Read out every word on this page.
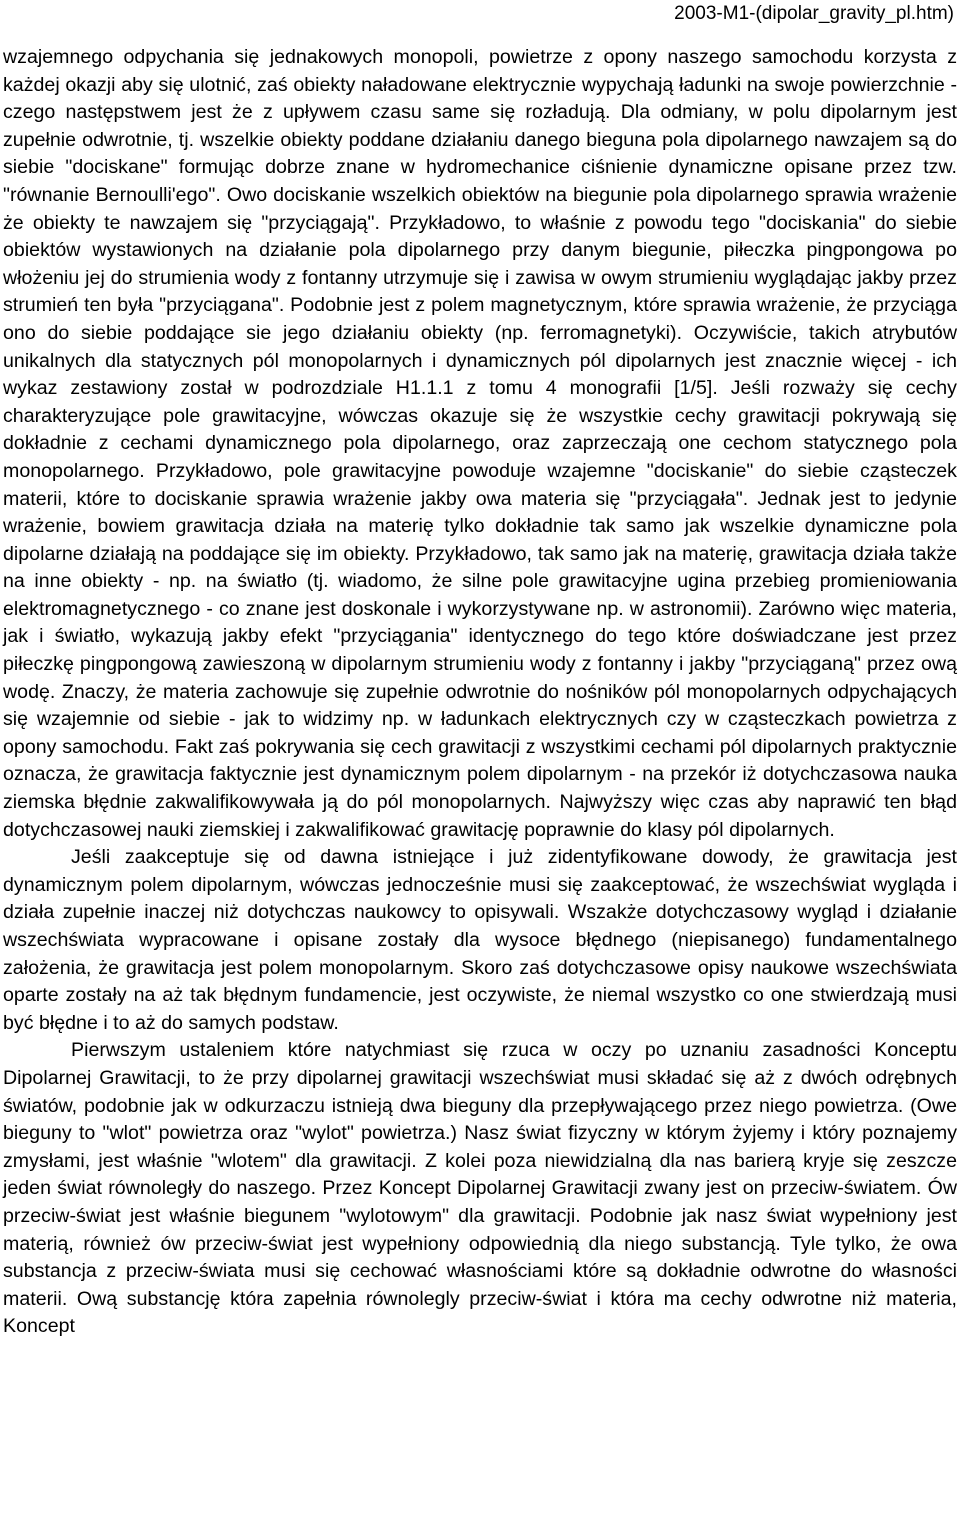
2003-M1-(dipolar_gravity_pl.htm)

wzajemnego odpychania się jednakowych monopoli, powietrze z opony naszego samochodu korzysta z każdej okazji aby się ulotnić, zaś obiekty naładowane elektrycznie wypychają ładunki na swoje powierzchnie - czego następstwem jest że z upływem czasu same się rozładują. Dla odmiany, w polu dipolarnym jest zupełnie odwrotnie, tj. wszelkie obiekty poddane działaniu danego bieguna pola dipolarnego nawzajem są do siebie "dociskane" formując dobrze znane w hydromechanice ciśnienie dynamiczne opisane przez tzw. "równanie Bernoulli'ego". Owo dociskanie wszelkich obiektów na biegunie pola dipolarnego sprawia wrażenie że obiekty te nawzajem się "przyciągają". Przykładowo, to właśnie z powodu tego "dociskania" do siebie obiektów wystawionych na działanie pola dipolarnego przy danym biegunie, piłeczka pingpongowa po włożeniu jej do strumienia wody z fontanny utrzymuje się i zawisa w owym strumieniu wyglądając jakby przez strumień ten była "przyciągana". Podobnie jest z polem magnetycznym, które sprawia wrażenie, że przyciąga ono do siebie poddające sie jego działaniu obiekty (np. ferromagnetyki). Oczywiście, takich atrybutów unikalnych dla statycznych pól monopolarnych i dynamicznych pól dipolarnych jest znacznie więcej - ich wykaz zestawiony został w podrozdziale H1.1.1 z tomu 4 monografii [1/5]. Jeśli rozważy się cechy charakteryzujące pole grawitacyjne, wówczas okazuje się że wszystkie cechy grawitacji pokrywają się dokładnie z cechami dynamicznego pola dipolarnego, oraz zaprzeczają one cechom statycznego pola monopolarnego. Przykładowo, pole grawitacyjne powoduje wzajemne "dociskanie" do siebie cząsteczek materii, które to dociskanie sprawia wrażenie jakby owa materia się "przyciągała". Jednak jest to jedynie wrażenie, bowiem grawitacja działa na materię tylko dokładnie tak samo jak wszelkie dynamiczne pola dipolarne działają na poddające się im obiekty. Przykładowo, tak samo jak na materię, grawitacja działa także na inne obiekty - np. na światło (tj. wiadomo, że silne pole grawitacyjne ugina przebieg promieniowania elektromagnetycznego - co znane jest doskonale i wykorzystywane np. w astronomii). Zarówno więc materia, jak i światło, wykazują jakby efekt "przyciągania" identycznego do tego które doświadczane jest przez piłeczkę pingpongową zawieszoną w dipolarnym strumieniu wody z fontanny i jakby "przyciąganą" przez ową wodę. Znaczy, że materia zachowuje się zupełnie odwrotnie do nośników pól monopolarnych odpychających się wzajemnie od siebie - jak to widzimy np. w ładunkach elektrycznych czy w cząsteczkach powietrza z opony samochodu. Fakt zaś pokrywania się cech grawitacji z wszystkimi cechami pól dipolarnych praktycznie oznacza, że grawitacja faktycznie jest dynamicznym polem dipolarnym - na przekór iż dotychczasowa nauka ziemska błędnie zakwalifikowywała ją do pól monopolarnych. Najwyższy więc czas aby naprawić ten błąd dotychczasowej nauki ziemskiej i zakwalifikować grawitację poprawnie do klasy pól dipolarnych.

Jeśli zaakceptuje się od dawna istniejące i już zidentyfikowane dowody, że grawitacja jest dynamicznym polem dipolarnym, wówczas jednocześnie musi się zaakceptować, że wszechświat wygląda i działa zupełnie inaczej niż dotychczas naukowcy to opisywali. Wszakże dotychczasowy wygląd i działanie wszechświata wypracowane i opisane zostały dla wysoce błędnego (niepisanego) fundamentalnego założenia, że grawitacja jest polem monopolarnym. Skoro zaś dotychczasowe opisy naukowe wszechświata oparte zostały na aż tak błędnym fundamencie, jest oczywiste, że niemal wszystko co one stwierdzają musi być błędne i to aż do samych podstaw.

Pierwszym ustaleniem które natychmiast się rzuca w oczy po uznaniu zasadności Konceptu Dipolarnej Grawitacji, to że przy dipolarnej grawitacji wszechświat musi składać się aż z dwóch odrębnych światów, podobnie jak w odkurzaczu istnieją dwa bieguny dla przepływającego przez niego powietrza. (Owe bieguny to "wlot" powietrza oraz "wylot" powietrza.) Nasz świat fizyczny w którym żyjemy i który poznajemy zmysłami, jest właśnie "wlotem" dla grawitacji. Z kolei poza niewidzialną dla nas barierą kryje się zeszcze jeden świat równoległy do naszego. Przez Koncept Dipolarnej Grawitacji zwany jest on przeciw-światem. Ów przeciw-świat jest właśnie biegunem "wylotowym" dla grawitacji. Podobnie jak nasz świat wypełniony jest materią, również ów przeciw-świat jest wypełniony odpowiednią dla niego substancją. Tyle tylko, że owa substancja z przeciw-świata musi się cechować własnościami które są dokładnie odwrotne do własności materii. Ową substancję która zapełnia równolegly przeciw-świat i która ma cechy odwrotne niż materia, Koncept
